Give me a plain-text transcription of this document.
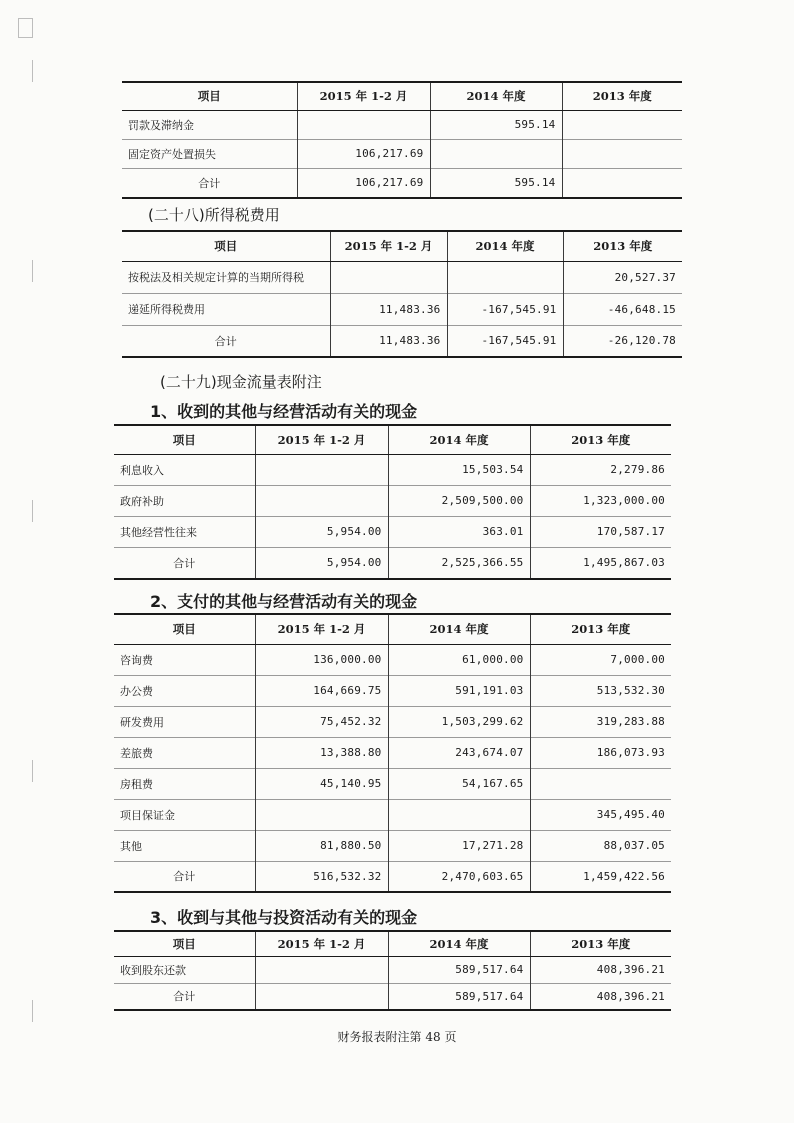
项目	2015 年 1-2 月	2014 年度	2013 年度
罚款及滞纳金		595.14	
固定资产处置损失	106,217.69		
合计	106,217.69	595.14	
(二十八)所得税费用
项目	2015 年 1-2 月	2014 年度	2013 年度
按税法及相关规定计算的当期所得税			20,527.37
递延所得税费用	11,483.36	-167,545.91	-46,648.15
合计	11,483.36	-167,545.91	-26,120.78
(二十九)现金流量表附注
1、收到的其他与经营活动有关的现金
项目	2015 年 1-2 月	2014 年度	2013 年度
利息收入		15,503.54	2,279.86
政府补助		2,509,500.00	1,323,000.00
其他经营性往来	5,954.00	363.01	170,587.17
合计	5,954.00	2,525,366.55	1,495,867.03
2、支付的其他与经营活动有关的现金
项目	2015 年 1-2 月	2014 年度	2013 年度
咨询费	136,000.00	61,000.00	7,000.00
办公费	164,669.75	591,191.03	513,532.30
研发费用	75,452.32	1,503,299.62	319,283.88
差旅费	13,388.80	243,674.07	186,073.93
房租费	45,140.95	54,167.65	
项目保证金			345,495.40
其他	81,880.50	17,271.28	88,037.05
合计	516,532.32	2,470,603.65	1,459,422.56
3、收到与其他与投资活动有关的现金
项目	2015 年 1-2 月	2014 年度	2013 年度
收到股东还款		589,517.64	408,396.21
合计		589,517.64	408,396.21
财务报表附注第 48 页
